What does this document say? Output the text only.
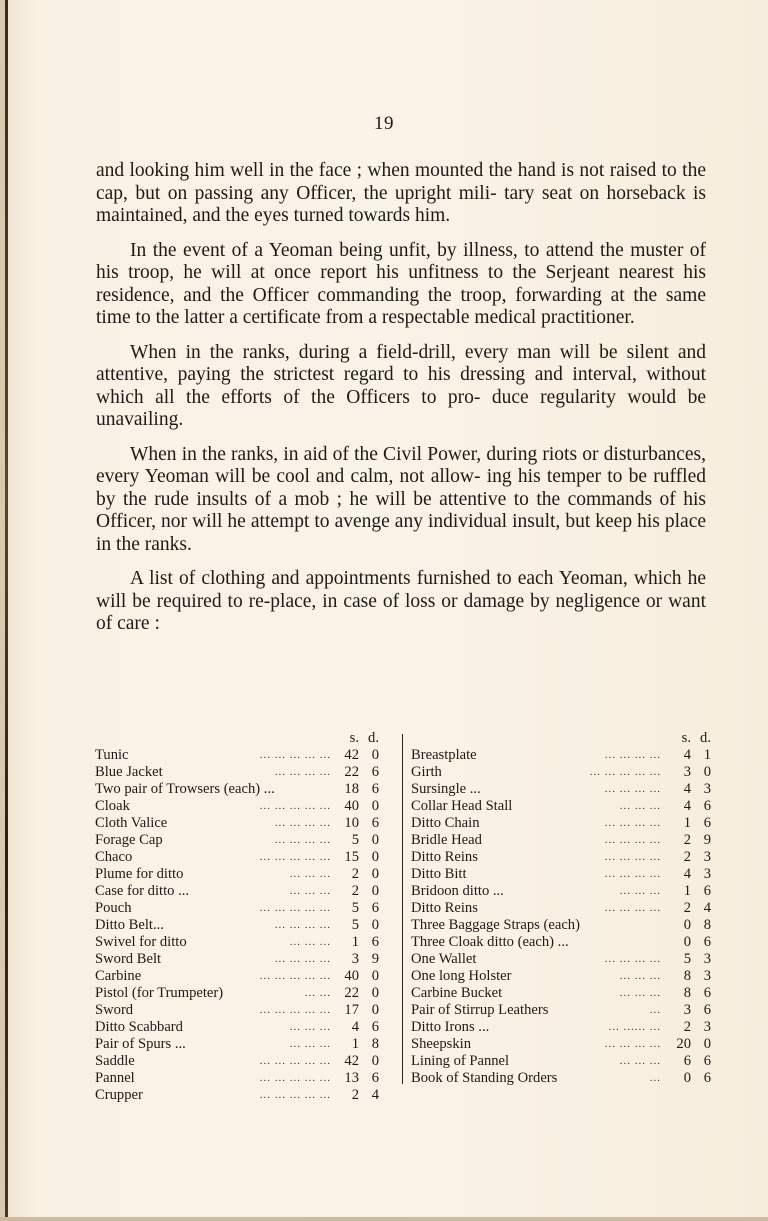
19

and looking him well in the face ; when mounted the hand is not raised to the cap, but on passing any Officer, the upright mili- tary seat on horseback is maintained, and the eyes turned towards him.

In the event of a Yeoman being unfit, by illness, to attend the muster of his troop, he will at once report his unfitness to the Serjeant nearest his residence, and the Officer commanding the troop, forwarding at the same time to the latter a certificate from a respectable medical practitioner.

When in the ranks, during a field-drill, every man will be silent and attentive, paying the strictest regard to his dressing and interval, without which all the efforts of the Officers to pro- duce regularity would be unavailing.

When in the ranks, in aid of the Civil Power, during riots or disturbances, every Yeoman will be cool and calm, not allow- ing his temper to be ruffled by the rude insults of a mob ; he will be attentive to the commands of his Officer, nor will he attempt to avenge any individual insult, but keep his place in the ranks.

A list of clothing and appointments furnished to each Yeoman, which he will be required to re-place, in case of loss or damage by negligence or want of care :

s. d.
Tunic	... ... ... ... ... 42 0
Blue Jacket	... ... ... ... 22 6
Two pair of Trowsers (each) ...	18 6
Cloak	... ... ... ... ... 40 0
Cloth Valice	... ... ... ... 10 6
Forage Cap	... ... ... ...	5 0
Chaco	... ... ... ... ... 15 0
Plume for ditto	... ... ...	2 0
Case for ditto ...	... ... ...	2 0
Pouch	... ... ... ... ...	5 6
Ditto Belt...	... ... ... ...	5 0
Swivel for ditto	... ... ...	1 6
Sword Belt	... ... ... ...	3 9
Carbine	... ... ... ... ... 40 0
Pistol (for Trumpeter)	... ... 22 0
Sword	... ... ... ... ... 17 0
Ditto Scabbard	... ... ...	4 6
Pair of Spurs ...	... ... ...	1 8
Saddle	... ... ... ... ... 42 0
Pannel	... ... ... ... ... 13 6
Crupper	... ... ... ... ...	2 4
s. d.
Breastplate	... ... ... ...	4 1
Girth	... ... ... ... ...	3 0
Sursingle ...	... ... ... ...	4 3
Collar Head Stall	... ... ...	4 6
Ditto Chain	... ... ... ...	1 6
Bridle Head	... ... ... ...	2 9
Ditto Reins	... ... ... ...	2 3
Ditto Bitt	... ... ... ...	4 3
Bridoon ditto ...	... ... ...	1 6
Ditto Reins	... ... ... ...	2 4
Three Baggage Straps (each)	0 8
Three Cloak ditto (each) ...	0 6
One Wallet	... ... ... ...	5 3
One long Holster	... ... ...	8 3
Carbine Bucket	... ... ...	8 6
Pair of Stirrup Leathers	...	3 6
Ditto Irons ...	... ...... ...	2 3
Sheepskin	... ... ... ...	20 0
Lining of Pannel	... ... ...	6 6
Book of Standing Orders	...	0 6
